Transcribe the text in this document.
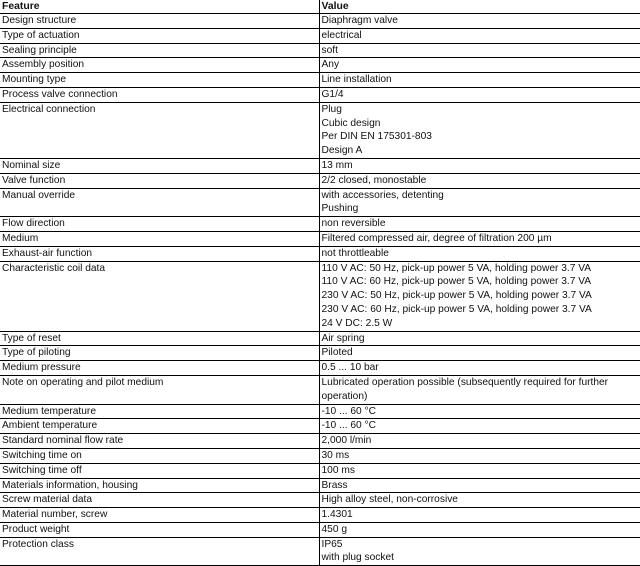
Feature	Value
Design structure	Diaphragm valve

Type of actuation	electrical

Sealing principle	soft

Assembly position	Any

Mounting type	Line installation

Process valve connection	G1/4

Electrical connection	Plug
Cubic design
Per DIN EN 175301-803
Design A

Nominal size	13 mm

Valve function	2/2 closed, monostable

Manual override	with accessories, detenting
Pushing

Flow direction	non reversible

Medium	Filtered compressed air, degree of filtration 200 µm

Exhaust-air function	not throttleable

Characteristic coil data	110 V AC: 50 Hz, pick-up power 5 VA, holding power 3.7 VA
110 V AC: 60 Hz, pick-up power 5 VA, holding power 3.7 VA
230 V AC: 50 Hz, pick-up power 5 VA, holding power 3.7 VA
230 V AC: 60 Hz, pick-up power 5 VA, holding power 3.7 VA
24 V DC: 2.5 W

Type of reset	Air spring

Type of piloting	Piloted

Medium pressure	0.5 ... 10 bar

Note on operating and pilot medium	Lubricated operation possible (subsequently required for further operation)

Medium temperature	-10 ... 60 °C

Ambient temperature	-10 ... 60 °C

Standard nominal flow rate	2,000 l/min

Switching time on	30 ms

Switching time off	100 ms

Materials information, housing	Brass

Screw material data	High alloy steel, non-corrosive

Material number, screw	1.4301

Product weight	450 g

Protection class	IP65
with plug socket
